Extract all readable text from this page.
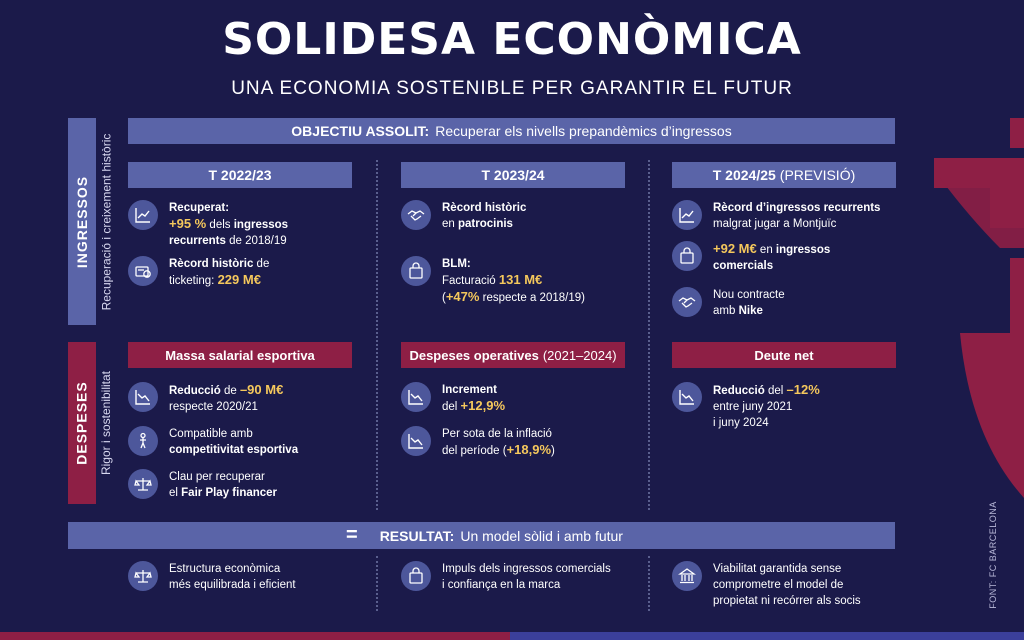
SOLIDESA ECONÒMICA
UNA ECONOMIA SOSTENIBLE PER GARANTIR EL FUTUR
INGRESSOS Recuperació i creixement històric
OBJECTIU ASSOLIT: Recuperar els nivells prepandèmics d’ingressos
DESPESES Rigor i sostenibilitat
T 2022/23
Recuperat:
+95 % dels ingressos
recurrents de 2018/19
Rècord històric de
ticketing: 229 M€
T 2023/24
Rècord històric
en patrocinis
BLM:
Facturació 131 M€
(+47% respecte a 2018/19)
T 2024/25 (PREVISIÓ)
Rècord d’ingressos recurrents
malgrat jugar a Montjuïc
+92 M€ en ingressos
comercials
Nou contracte
amb Nike
Massa salarial esportiva
Reducció de –90 M€
respecte 2020/21
Compatible amb
competitivitat esportiva
Clau per recuperar
el Fair Play financer
Despeses operatives (2021–2024)
Increment
del +12,9%
Per sota de la inflació
del període (+18,9%)
Deute net
Reducció del –12%
entre juny 2021
i juny 2024
= RESULTAT: Un model sòlid i amb futur
Estructura econòmica
més equilibrada i eficient
Impuls dels ingressos comercials
i confiança en la marca
Viabilitat garantida sense
comprometre el model de
propietat ni recórrer als socis	FONT: FC BARCELONA
